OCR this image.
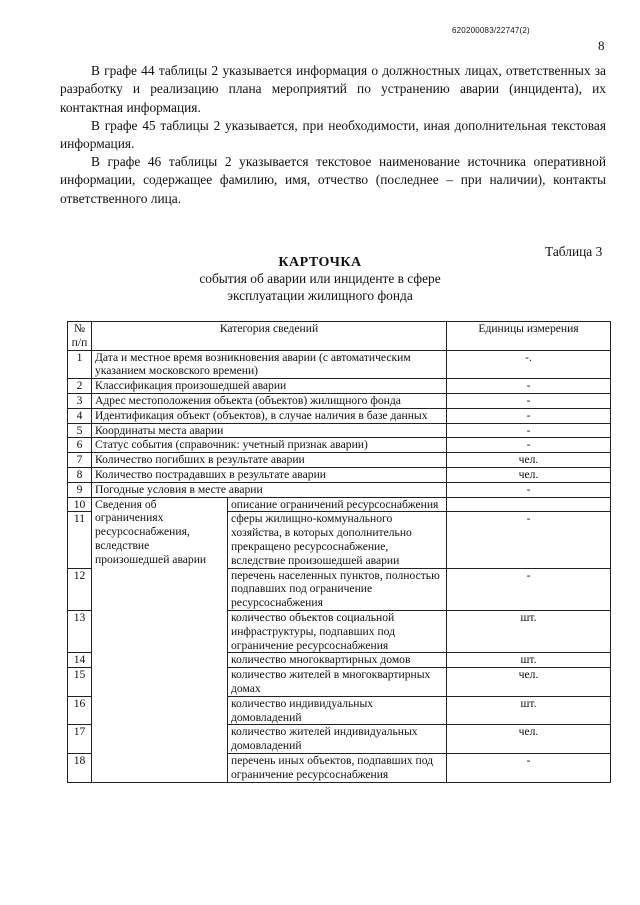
620200083/22747(2)
8

В графе 44 таблицы 2 указывается информация о должностных лицах, ответственных за разработку и реализацию плана мероприятий по устранению аварии (инцидента), их контактная информация.

В графе 45 таблицы 2 указывается, при необходимости, иная дополнительная текстовая информация.

В графе 46 таблицы 2 указывается текстовое наименование источника оперативной информации, содержащее фамилию, имя, отчество (последнее – при наличии), контакты ответственного лица.

Таблица 3
КАРТОЧКА
события об аварии или инциденте в сфере
эксплуатации жилищного фонда
№ п/п	Категория сведений		Единицы измерения
1	Дата и местное время возникновения аварии (с автоматическим указанием московского времени)		-.
2	Классификация произошедшей аварии		-
3	Адрес местоположения объекта (объектов) жилищного фонда		-
4	Идентификация объект (объектов), в случае наличия в базе данных		-
5	Координаты места аварии		-
6	Статус события (справочник: учетный признак аварии)		-
7	Количество погибших в результате аварии		чел.
8	Количество пострадавших в результате аварии		чел.
9	Погодные условия в месте аварии		-
10	Сведения об ограничениях ресурсоснабжения, вследствие произошедшей аварии	описание ограничений ресурсоснабжения	
11		сферы жилищно-коммунального хозяйства, в которых дополнительно прекращено ресурсоснабжение, вследствие произошедшей аварии	-
12		перечень населенных пунктов, полностью подпавших под ограничение ресурсоснабжения	-
13		количество объектов социальной инфраструктуры, подпавших под ограничение ресурсоснабжения	шт.
14		количество многоквартирных домов	шт.
15		количество жителей в многоквартирных домах	чел.
16		количество индивидуальных домовладений	шт.
17		количество жителей индивидуальных домовладений	чел.
18		перечень иных объектов, подпавших под ограничение ресурсоснабжения	-
